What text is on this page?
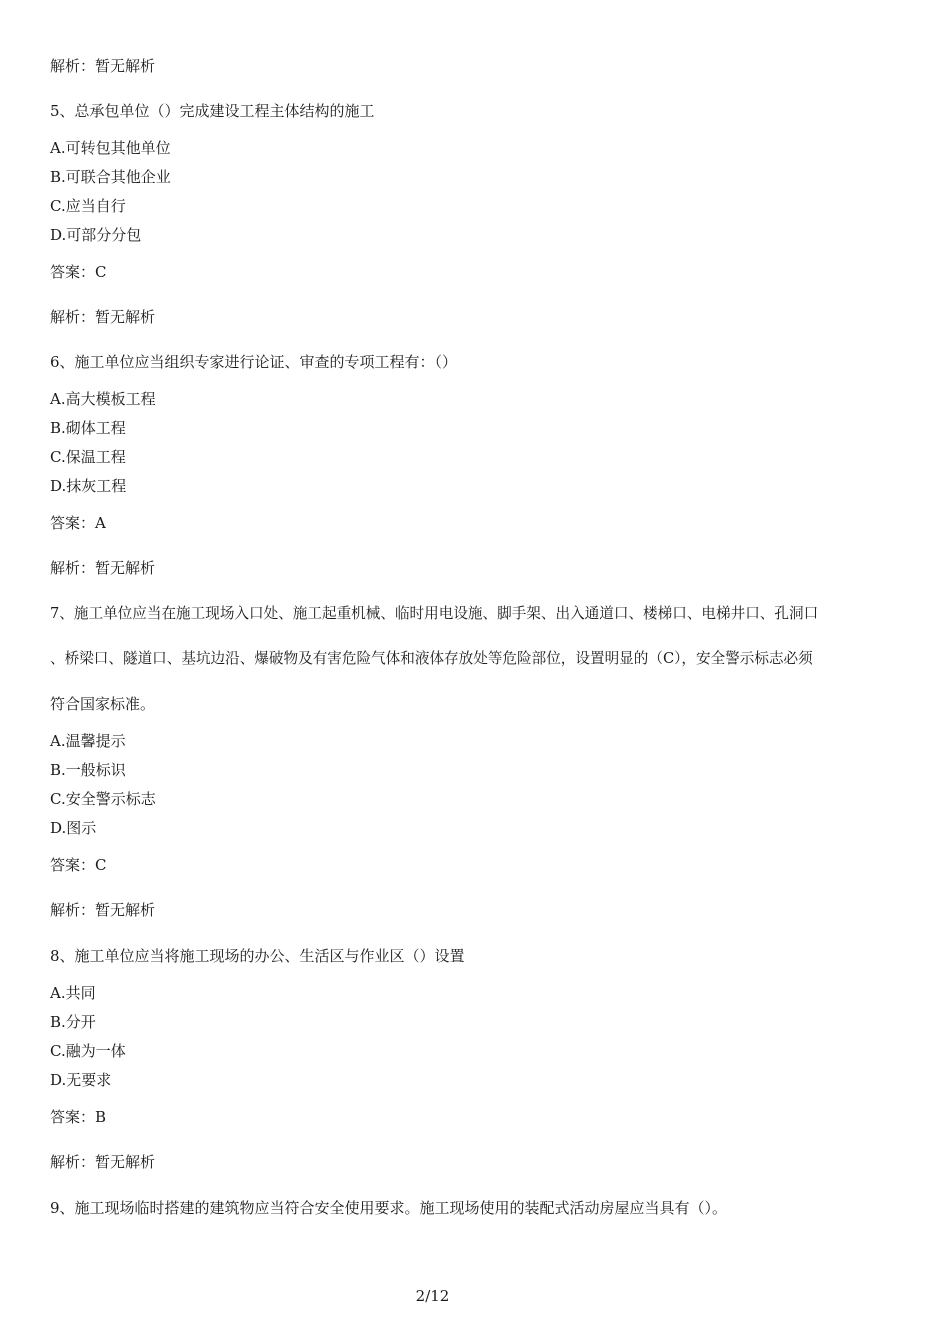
解析：暂无解析
5、总承包单位（）完成建设工程主体结构的施工
A.可转包其他单位
B.可联合其他企业
C.应当自行
D.可部分分包
答案：C
解析：暂无解析
6、施工单位应当组织专家进行论证、审查的专项工程有：（）
A.高大模板工程
B.砌体工程
C.保温工程
D.抹灰工程
答案：A
解析：暂无解析
7、施工单位应当在施工现场入口处、施工起重机械、临时用电设施、脚手架、出入通道口、楼梯口、电梯井口、孔洞口
、桥梁口、隧道口、基坑边沿、爆破物及有害危险气体和液体存放处等危险部位，设置明显的（C），安全警示标志必须
符合国家标准。
A.温馨提示
B.一般标识
C.安全警示标志
D.图示
答案：C
解析：暂无解析
8、施工单位应当将施工现场的办公、生活区与作业区（）设置
A.共同
B.分开
C.融为一体
D.无要求
答案：B
解析：暂无解析
9、施工现场临时搭建的建筑物应当符合安全使用要求。施工现场使用的装配式活动房屋应当具有（）。
2/12
